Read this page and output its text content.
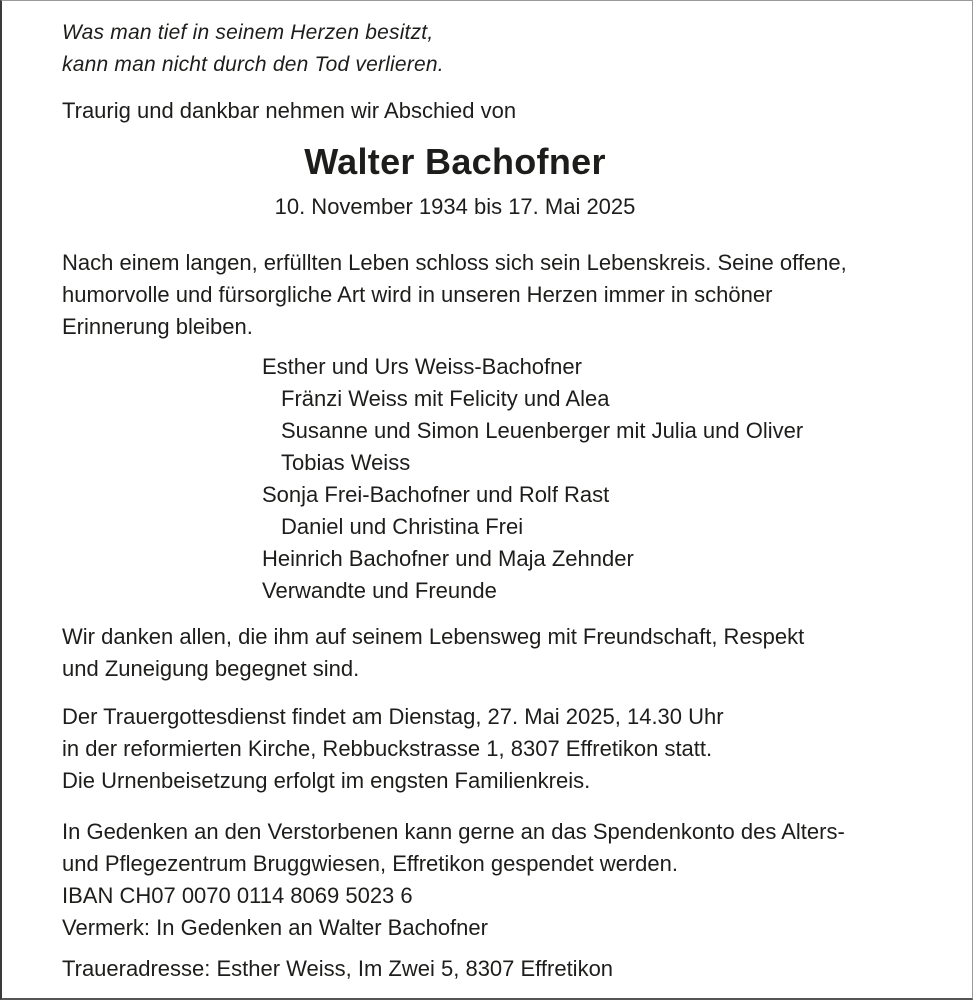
Was man tief in seinem Herzen besitzt,
kann man nicht durch den Tod verlieren.

Traurig und dankbar nehmen wir Abschied von

Walter Bachofner
10. November 1934 bis 17. Mai 2025
Nach einem langen, erfüllten Leben schloss sich sein Lebenskreis. Seine offene,
humorvolle und fürsorgliche Art wird in unseren Herzen immer in schöner
Erinnerung bleiben.
Esther und Urs Weiss-Bachofner
Fränzi Weiss mit Felicity und Alea
Susanne und Simon Leuenberger mit Julia und Oliver
Tobias Weiss
Sonja Frei-Bachofner und Rolf Rast
Daniel und Christina Frei
Heinrich Bachofner und Maja Zehnder
Verwandte und Freunde
Wir danken allen, die ihm auf seinem Lebensweg mit Freundschaft, Respekt
und Zuneigung begegnet sind.
Der Trauergottesdienst findet am Dienstag, 27. Mai 2025, 14.30 Uhr
in der reformierten Kirche, Rebbuckstrasse 1, 8307 Effretikon statt.
Die Urnenbeisetzung erfolgt im engsten Familienkreis.
In Gedenken an den Verstorbenen kann gerne an das Spendenkonto des Alters-
und Pflegezentrum Bruggwiesen, Effretikon gespendet werden.
IBAN CH07 0070 0114 8069 5023 6
Vermerk: In Gedenken an Walter Bachofner
Traueradresse: Esther Weiss, Im Zwei 5, 8307 Effretikon
